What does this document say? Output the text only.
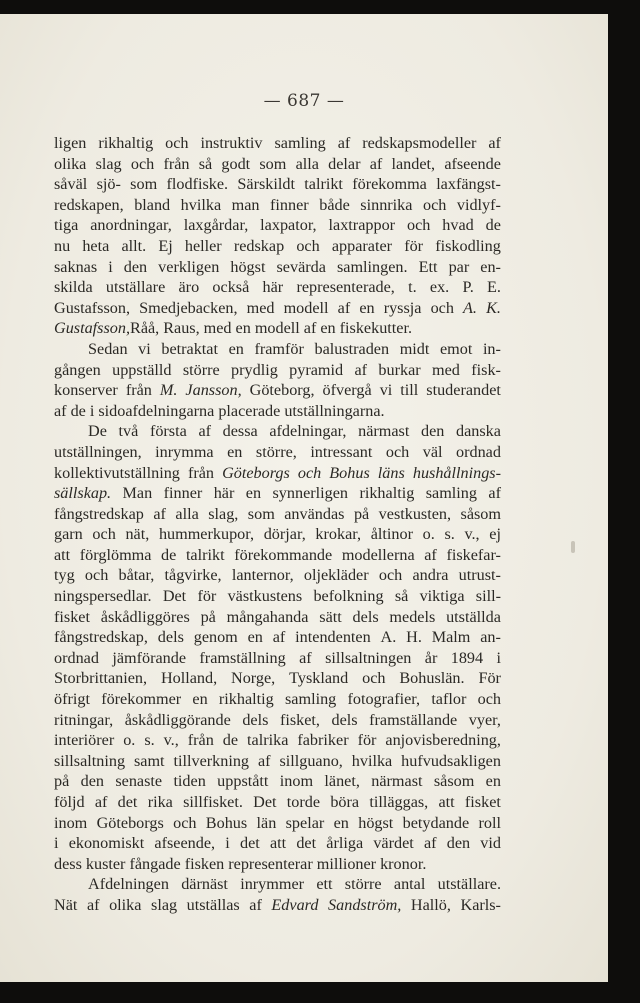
— 687 —
ligen rikhaltig och instruktiv samling af redskapsmodeller af
olika slag och från så godt som alla delar af landet, afseende
såväl sjö- som flodfiske. Särskildt talrikt förekomma laxfängst-
redskapen, bland hvilka man finner både sinnrika och vidlyf-
tiga anordningar, laxgårdar, laxpator, laxtrappor och hvad de
nu heta allt. Ej heller redskap och apparater för fiskodling
saknas i den verkligen högst sevärda samlingen. Ett par en-
skilda utställare äro också här representerade, t. ex. P. E.
Gustafsson, Smedjebacken, med modell af en ryssja och A. K.
Gustafsson, Råå, Raus, med en modell af en fiskekutter.
Sedan vi betraktat en framför balustraden midt emot in-
gången uppställd större prydlig pyramid af burkar med fisk-
konserver från M. Jansson, Göteborg, öfvergå vi till studerandet
af de i sidoafdelningarna placerade utställningarna.
De två första af dessa afdelningar, närmast den danska
utställningen, inrymma en större, intressant och väl ordnad
kollektivutställning från Göteborgs och Bohus läns hushållnings-
sällskap. Man finner här en synnerligen rikhaltig samling af
fångstredskap af alla slag, som användas på vestkusten, såsom
garn och nät, hummerkupor, dörjar, krokar, åltinor o. s. v., ej
att förglömma de talrikt förekommande modellerna af fiskefar-
tyg och båtar, tågvirke, lanternor, oljekläder och andra utrust-
ningspersedlar. Det för västkustens befolkning så viktiga sill-
fisket åskådliggöres på mångahanda sätt dels medels utställda
fångstredskap, dels genom en af intendenten A. H. Malm an-
ordnad jämförande framställning af sillsaltningen år 1894 i
Storbrittanien, Holland, Norge, Tyskland och Bohuslän. För
öfrigt förekommer en rikhaltig samling fotografier, taflor och
ritningar, åskådliggörande dels fisket, dels framställande vyer,
interiörer o. s. v., från de talrika fabriker för anjovisberedning,
sillsaltning samt tillverkning af sillguano, hvilka hufvudsakligen
på den senaste tiden uppstått inom länet, närmast såsom en
följd af det rika sillfisket. Det torde böra tilläggas, att fisket
inom Göteborgs och Bohus län spelar en högst betydande roll
i ekonomiskt afseende, i det att det årliga värdet af den vid
dess kuster fångade fisken representerar millioner kronor.
Afdelningen därnäst inrymmer ett större antal utställare.
Nät af olika slag utställas af Edvard Sandström, Hallö, Karls-
